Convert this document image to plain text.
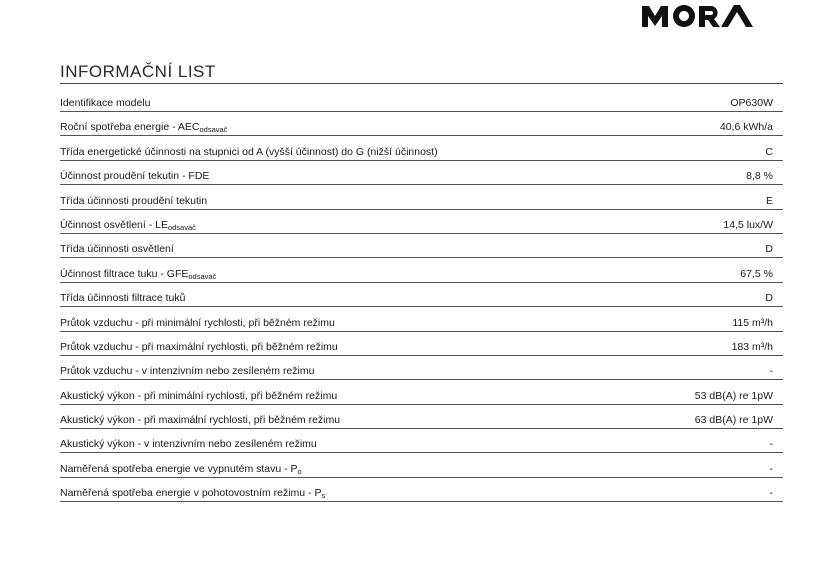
INFORMAČNÍ LIST
Identifikace modelu	OP630W
Roční spotřeba energie - $AEC_{odsavač}$	40,6 kWh/a
Třída energetické účinnosti na stupnici od A (vyšší účinnost) do G (nižší účinnost)	C
Účinnost proudění tekutin - FDE	8,8 %
Třída účinnosti proudění tekutin	E
Účinnost osvětlení - $LE_{odsavač}$	14,5 lux/W
Třída účinnosti osvětlení	D
Účinnost filtrace tuku - $GFE_{odsavač}$	67,5 %
Třída účinnosti filtrace tuků	D
Průtok vzduchu - při minimální rychlosti, při běžném režimu	115 m³/h
Průtok vzduchu - při maximální rychlosti, při běžném režimu	183 m³/h
Průtok vzduchu - v intenzivním nebo zesíleném režimu	-
Akustický výkon - při minimální rychlosti, při běžném režimu	53 dB(A) re 1pW
Akustický výkon - při maximální rychlosti, při běžném režimu	63 dB(A) re 1pW
Akustický výkon - v intenzivním nebo zesíleném režimu	-
Naměřená spotřeba energie ve vypnutém stavu - $P_o$	-
Naměřená spotřeba energie v pohotovostním režimu - $P_s$	-
